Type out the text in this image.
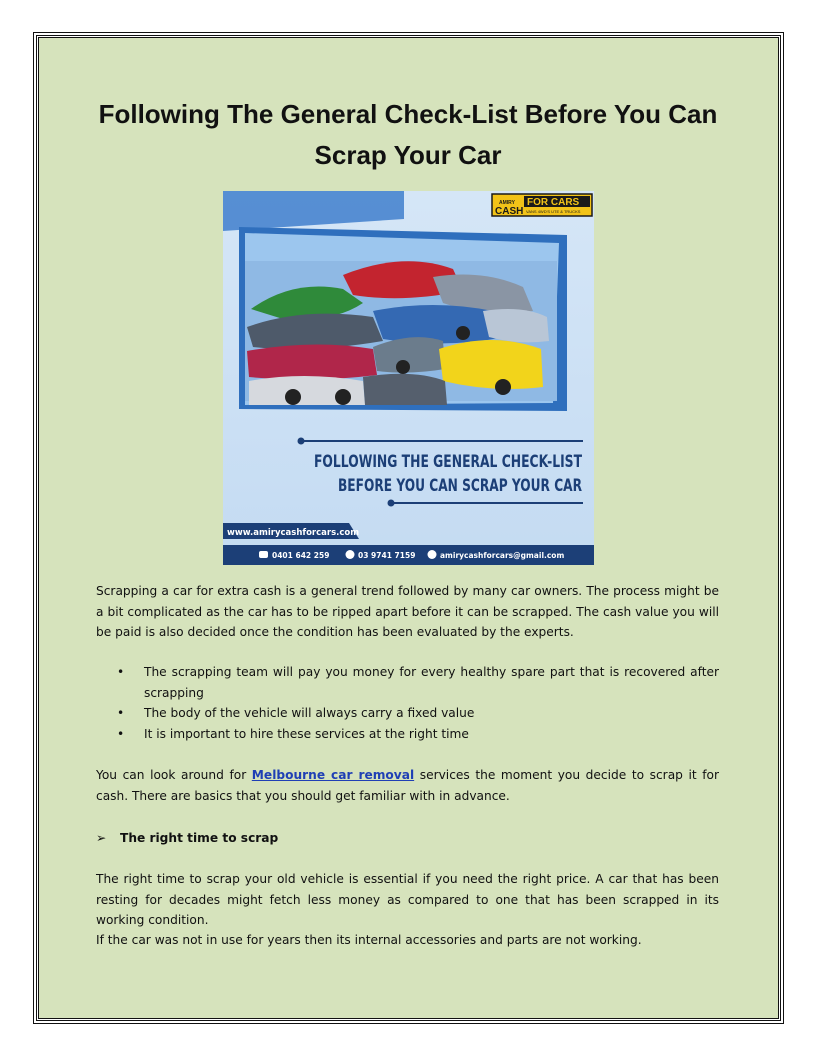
Following The General Check-List Before You Can Scrap Your Car
AMIRY
CASH
FOR CARS
VANS 4WD'S UTE & TRUCKS
FOLLOWING THE GENERAL CHECK-LIST
BEFORE YOU CAN SCRAP YOUR CAR
www.amirycashforcars.com
0401 642 259	03 9741 7159	amirycashforcars@gmail.com

Scrapping a car for extra cash is a general trend followed by many car owners. The process might be a bit complicated as the car has to be ripped apart before it can be scrapped. The cash value you will be paid is also decided once the condition has been evaluated by the experts.

• The scrapping team will pay you money for every healthy spare part that is recovered after scrapping
• The body of the vehicle will always carry a fixed value
• It is important to hire these services at the right time

You can look around for Melbourne car removal services the moment you decide to scrap it for cash. There are basics that you should get familiar with in advance.

➢ The right time to scrap

The right time to scrap your old vehicle is essential if you need the right price. A car that has been resting for decades might fetch less money as compared to one that has been scrapped in its working condition.

If the car was not in use for years then its internal accessories and parts are not working.
